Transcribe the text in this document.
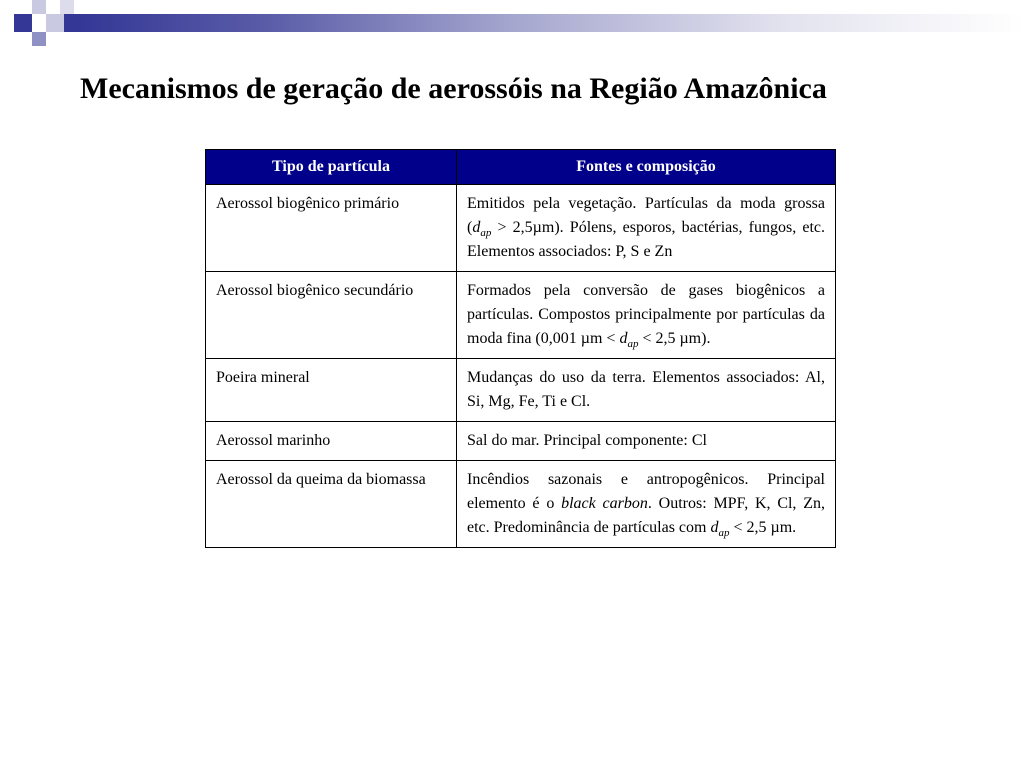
Mecanismos de geração de aerossóis na Região Amazônica
Tipo de partícula	Fontes e composição
Aerossol biogênico primário	Emitidos pela vegetação. Partículas da moda grossa $(d_{ap} > 2,5\mu m)$. Pólens, esporos, bactérias, fungos, etc. Elementos associados: P, S e Zn
Aerossol biogênico secundário	Formados pela conversão de gases biogênicos a partículas. Compostos principalmente por partículas da moda fina (0,001 $\mu m < d_{ap} < 2,5$ µm).
Poeira mineral	Mudanças do uso da terra. Elementos associados: Al, Si, Mg, Fe, Ti e Cl.
Aerossol marinho	Sal do mar. Principal componente: Cl
Aerossol da queima da biomassa	Incêndios sazonais e antropogênicos. Principal elemento é o black carbon. Outros: MPF, K, Cl, Zn, etc. Predominância de partículas com $d_{ap} < 2,5$ µm.
